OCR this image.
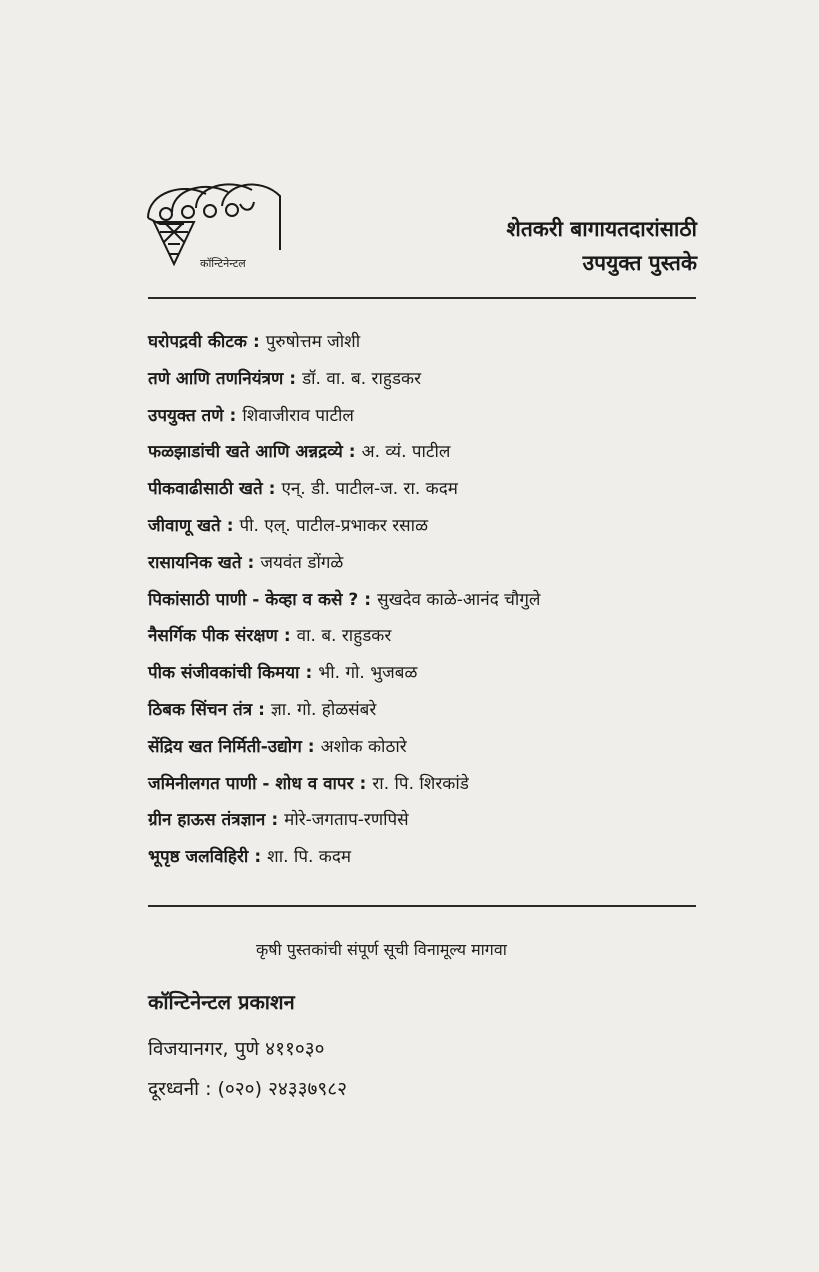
कॉन्टिनेन्टल
शेतकरी बागायतदारांसाठी
उपयुक्त पुस्तके
घरोपद्रवी कीटक : पुरुषोत्तम जोशी
तणे आणि तणनियंत्रण : डॉ. वा. ब. राहुडकर
उपयुक्त तणे : शिवाजीराव पाटील
फळझाडांची खते आणि अन्नद्रव्ये : अ. व्यं. पाटील
पीकवाढीसाठी खते : एन्. डी. पाटील-ज. रा. कदम
जीवाणू खते : पी. एल्. पाटील-प्रभाकर रसाळ
रासायनिक खते : जयवंत डोंगळे
पिकांसाठी पाणी - केव्हा व कसे ? : सुखदेव काळे-आनंद चौगुले
नैसर्गिक पीक संरक्षण : वा. ब. राहुडकर
पीक संजीवकांची किमया : भी. गो. भुजबळ
ठिबक सिंचन तंत्र : ज्ञा. गो. होळसंबरे
सेंद्रिय खत निर्मिती-उद्योग : अशोक कोठारे
जमिनीलगत पाणी - शोध व वापर : रा. पि. शिरकांडे
ग्रीन हाऊस तंत्रज्ञान : मोरे-जगताप-रणपिसे
भूपृष्ठ जलविहिरी : शा. पि. कदम
कृषी पुस्तकांची संपूर्ण सूची विनामूल्य मागवा
कॉन्टिनेन्टल प्रकाशन
विजयानगर, पुणे ४११०३०
दूरध्वनी : (०२०) २४३३७९८२
